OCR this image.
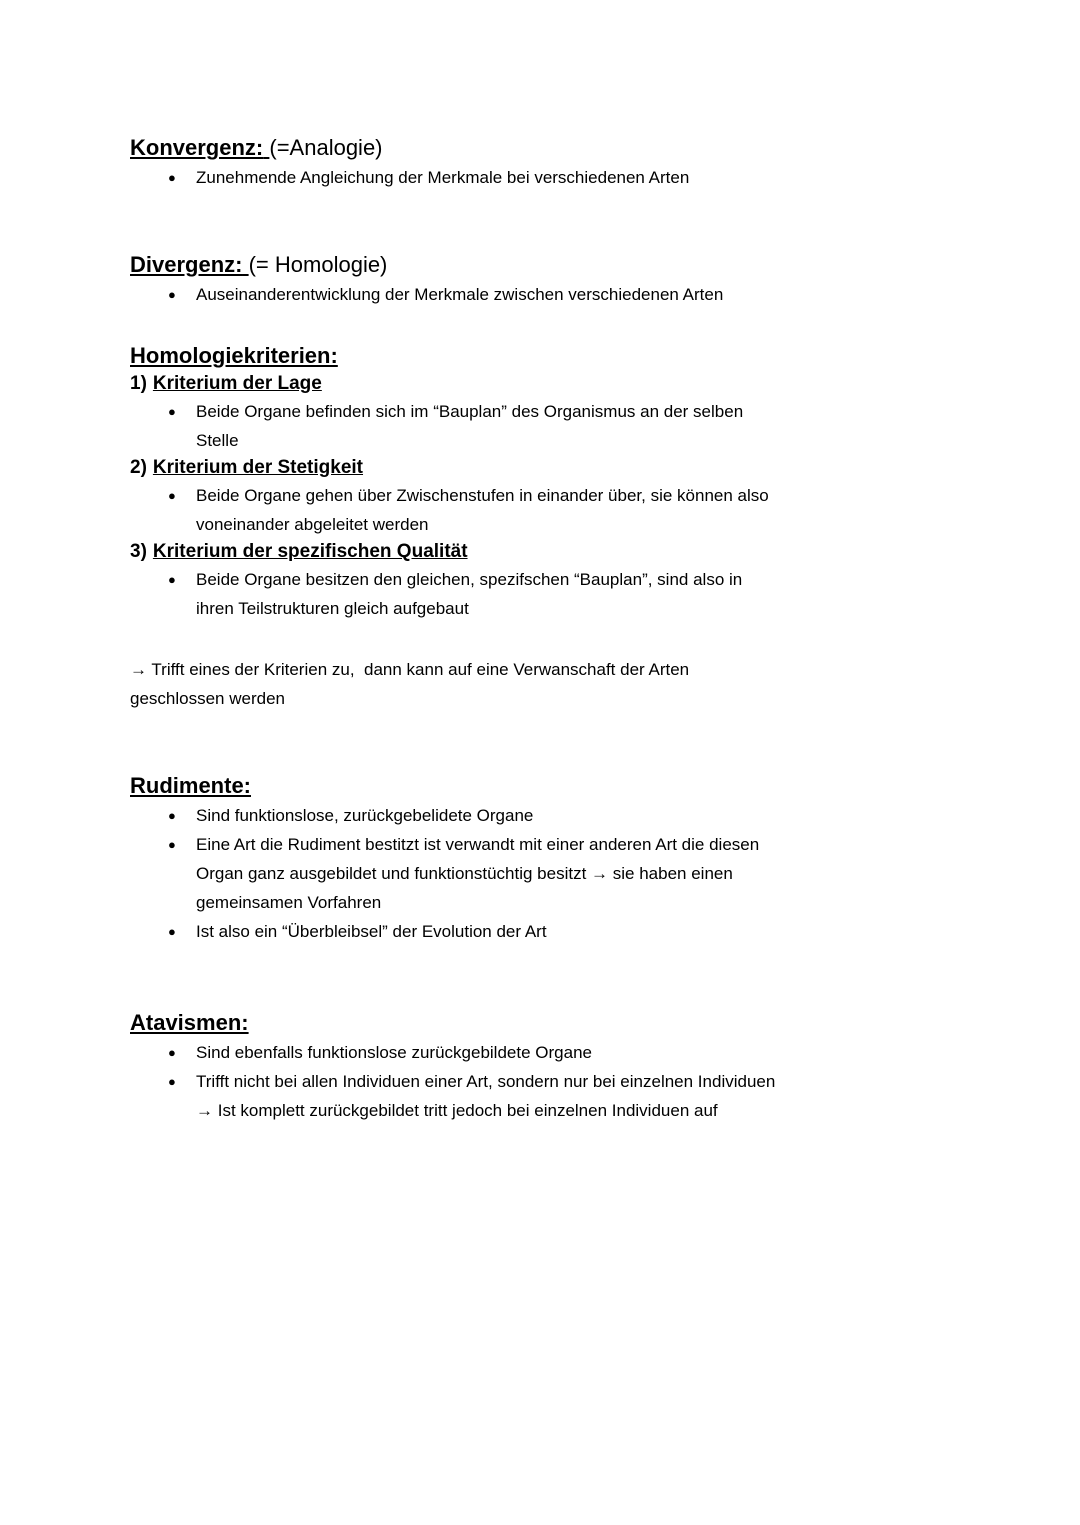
Konvergenz: (=Analogie)
● Zunehmende Angleichung der Merkmale bei verschiedenen Arten
Divergenz: (= Homologie)
● Auseinanderentwicklung der Merkmale zwischen verschiedenen Arten
Homologiekriterien:
1) Kriterium der Lage
● Beide Organe befinden sich im “Bauplan” des Organismus an der selben
Stelle
2) Kriterium der Stetigkeit
● Beide Organe gehen über Zwischenstufen in einander über, sie können also
voneinander abgeleitet werden
3) Kriterium der spezifischen Qualität
● Beide Organe besitzen den gleichen, spezifschen “Bauplan”, sind also in
ihren Teilstrukturen gleich aufgebaut

→ Trifft eines der Kriterien zu,  dann kann auf eine Verwanschaft der Arten
geschlossen werden

Rudimente:
● Sind funktionslose, zurückgebelidete Organe
● Eine Art die Rudiment bestitzt ist verwandt mit einer anderen Art die diesen
Organ ganz ausgebildet und funktionstüchtig besitzt → sie haben einen
gemeinsamen Vorfahren
● Ist also ein “Überbleibsel” der Evolution der Art
Atavismen:
● Sind ebenfalls funktionslose zurückgebildete Organe
● Trifft nicht bei allen Individuen einer Art, sondern nur bei einzelnen Individuen
→ Ist komplett zurückgebildet tritt jedoch bei einzelnen Individuen auf
